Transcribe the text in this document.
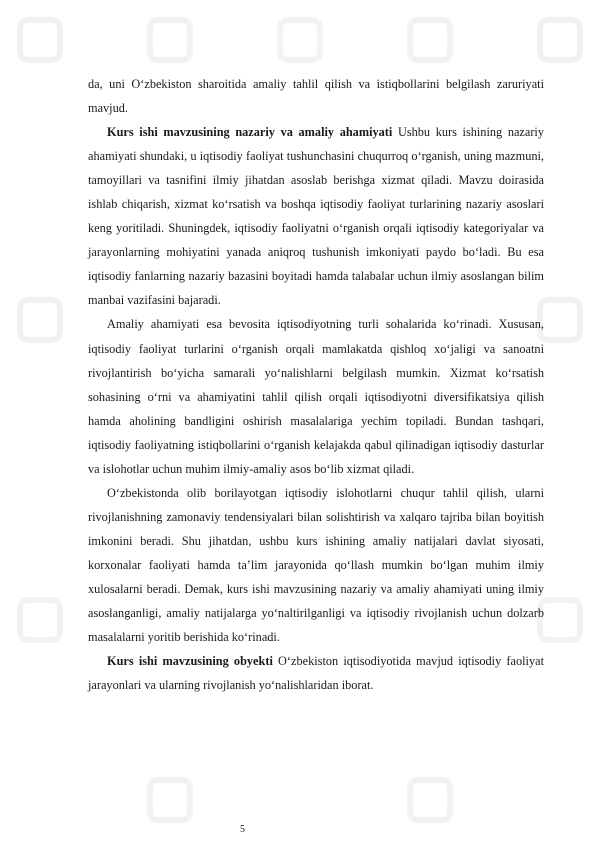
da, uni O‘zbekiston sharoitida amaliy tahlil qilish va istiqbollarini belgilash zaruriyati mavjud.

Kurs ishi mavzusining nazariy va amaliy ahamiyati Ushbu kurs ishining nazariy ahamiyati shundaki, u iqtisodiy faoliyat tushunchasini chuqurroq o‘rganish, uning mazmuni, tamoyillari va tasnifini ilmiy jihatdan asoslab berishga xizmat qiladi. Mavzu doirasida ishlab chiqarish, xizmat ko‘rsatish va boshqa iqtisodiy faoliyat turlarining nazariy asoslari keng yoritiladi. Shuningdek, iqtisodiy faoliyatni o‘rganish orqali iqtisodiy kategoriyalar va jarayonlarning mohiyatini yanada aniqroq tushunish imkoniyati paydo bo‘ladi. Bu esa iqtisodiy fanlarning nazariy bazasini boyitadi hamda talabalar uchun ilmiy asoslangan bilim manbai vazifasini bajaradi.

Amaliy ahamiyati esa bevosita iqtisodiyotning turli sohalarida ko‘rinadi. Xususan, iqtisodiy faoliyat turlarini o‘rganish orqali mamlakatda qishloq xo‘jaligi va sanoatni rivojlantirish bo‘yicha samarali yo‘nalishlarni belgilash mumkin. Xizmat ko‘rsatish sohasining o‘rni va ahamiyatini tahlil qilish orqali iqtisodiyotni diversifikatsiya qilish hamda aholining bandligini oshirish masalalariga yechim topiladi. Bundan tashqari, iqtisodiy faoliyatning istiqbollarini o‘rganish kelajakda qabul qilinadigan iqtisodiy dasturlar va islohotlar uchun muhim ilmiy-amaliy asos bo‘lib xizmat qiladi.

O‘zbekistonda olib borilayotgan iqtisodiy islohotlarni chuqur tahlil qilish, ularni rivojlanishning zamonaviy tendensiyalari bilan solishtirish va xalqaro tajriba bilan boyitish imkonini beradi. Shu jihatdan, ushbu kurs ishining amaliy natijalari davlat siyosati, korxonalar faoliyati hamda ta’lim jarayonida qo‘llash mumkin bo‘lgan muhim ilmiy xulosalarni beradi. Demak, kurs ishi mavzusining nazariy va amaliy ahamiyati uning ilmiy asoslanganligi, amaliy natijalarga yo‘naltirilganligi va iqtisodiy rivojlanish uchun dolzarb masalalarni yoritib berishida ko‘rinadi.

Kurs ishi mavzusining obyekti O‘zbekiston iqtisodiyotida mavjud iqtisodiy faoliyat jarayonlari va ularning rivojlanish yo‘nalishlaridan iborat.

5
